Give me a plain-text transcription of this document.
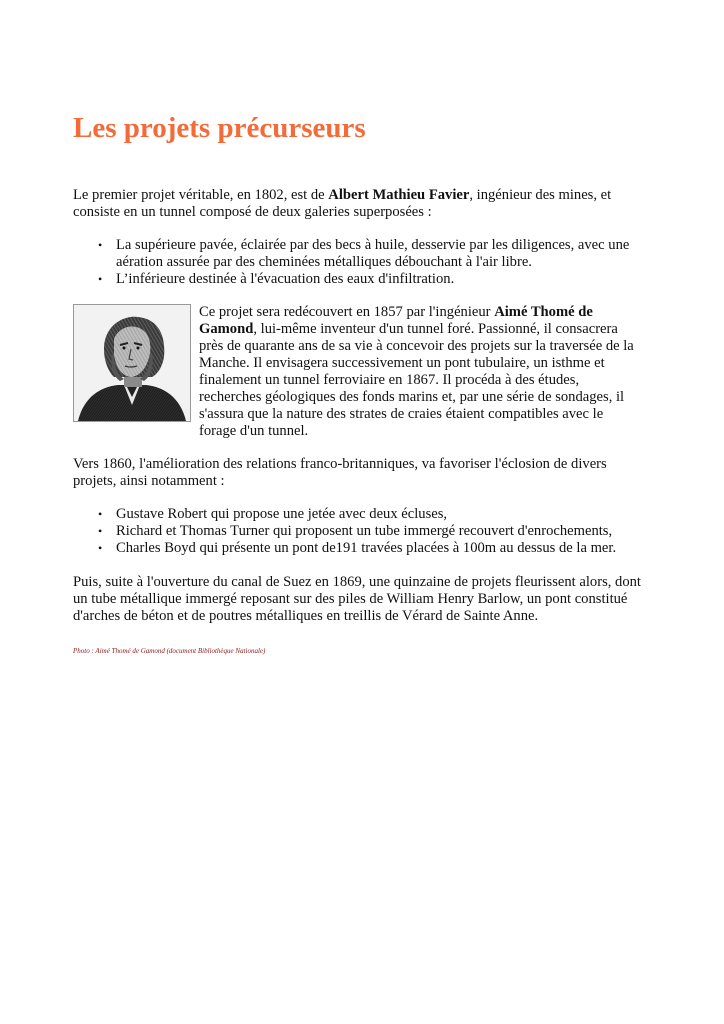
Les projets précurseurs

Le premier projet véritable, en 1802, est de Albert Mathieu Favier, ingénieur des mines, et consiste en un tunnel composé de deux galeries superposées :

• La supérieure pavée, éclairée par des becs à huile, desservie par les diligences, avec une aération assurée par des cheminées métalliques débouchant à l'air libre.
• L’inférieure destinée à l'évacuation des eaux d'infiltration.

Ce projet sera redécouvert en 1857 par l'ingénieur Aimé Thomé de Gamond, lui-même inventeur d'un tunnel foré. Passionné, il consacrera près de quarante ans de sa vie à concevoir des projets sur la traversée de la Manche. Il envisagera successivement un pont tubulaire, un isthme et finalement un tunnel ferroviaire en 1867. Il procéda à des études, recherches géologiques des fonds marins et, par une série de sondages, il s'assura que la nature des strates de craies étaient compatibles avec le forage d'un tunnel.

Vers 1860, l'amélioration des relations franco-britanniques, va favoriser l'éclosion de divers projets, ainsi notamment :

• Gustave Robert qui propose une jetée avec deux écluses,
• Richard et Thomas Turner qui proposent un tube immergé recouvert d'enrochements,
• Charles Boyd qui présente un pont de191 travées placées à 100m au dessus de la mer.

Puis, suite à l'ouverture du canal de Suez en 1869, une quinzaine de projets fleurissent alors, dont un tube métallique immergé reposant sur des piles de William Henry Barlow, un pont constitué d'arches de béton et de poutres métalliques en treillis de Vérard de Sainte Anne.

Photo : Aimé Thomé de Gamond (document Bibliothèque Nationale)
